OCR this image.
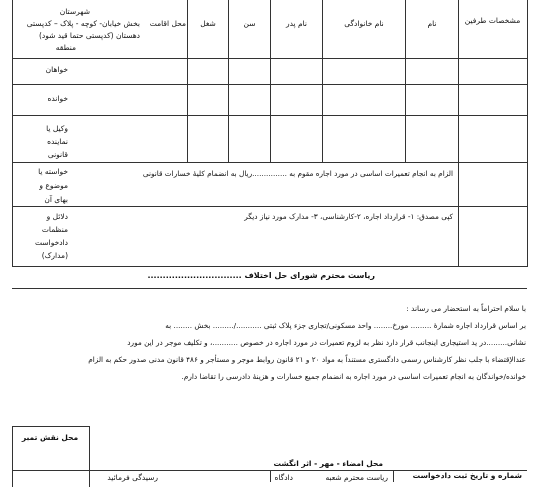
مشخصات طرفین
نام
نام خانوادگی
نام پدر
سن
شغل
محل اقامت
شهرستان
بخش خیابان- کوچه - پلاک – کدپستی
دهستان (کدپستی حتما قید شود)
منطقه
خواهان
خوانده
وکیل یا
نماینده
قانونی
خواسته یا
موضوع و
بهای آن
دلائل و
منظمات
دادخواست
(مدارک)
الزام به انجام تعمیرات اساسی در مورد اجاره مقوم به ...............ریال به انضمام کلیهٔ خسارات قانونی
کپی مصدق: ۱- قرارداد اجاره، ۲-کارشناسی، ۳- مدارک مورد نیاز دیگر
ریاست محترم شورای حل اختلاف ...............................
با سلام احتراماً به استحضار می رساند :
بر اساس قرارداد اجاره شمارهٔ ......... مورخ........ واحد مسکونی/تجاری جزء پلاک ثبتی .........../......... بخش ........ به
نشانی.........در ید استیجاری اینجانب قرار دارد نظر به لزوم تعمیرات در مورد اجاره در خصوص ...........، و تکلیف موجر در این مورد
عندالإقتضاء با جلب نظر کارشناس رسمی دادگستری مستنداً به مواد ۲۰ و ۲۱ قانون روابط موجر و مستأجر و ۴۸۶ قانون مدنی صدور حکم به الزام
خوانده/خواندگان به انجام تعمیرات اساسی در مورد اجاره به انضمام جمیع خسارات و هزینهٔ دادرسی را تقاضا دارم.
محل امضاء - مهر - اثر انگشت
محل نقش تمبر
شماره و تاریخ ثبت دادخواست
ریاست محترم شعبه
دادگاه
رسیدگی فرمائید
